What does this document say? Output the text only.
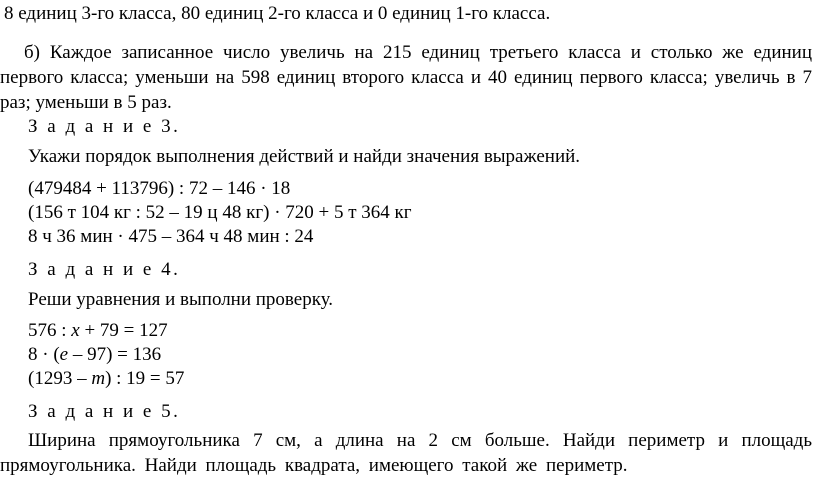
8 единиц 3-го класса, 80 единиц 2-го класса и 0 единиц 1-го класса.
б) Каждое записанное число увеличь на 215 единиц третьего класса и столько же единиц первого класса; уменьши на 598 единиц второго класса и 40 единиц первого класса; увеличь в 7 раз; уменьши в 5 раз.
З а д а н и е 3.
Укажи порядок выполнения действий и найди значения выражений.
(479484 + 113796) : 72 – 146 · 18
(156 т 104 кг : 52 – 19 ц 48 кг) · 720 + 5 т 364 кг
8 ч 36 мин · 475 – 364 ч 48 мин : 24
З а д а н и е 4.
Реши уравнения и выполни проверку.
576 : x + 79 = 127
8 · (e – 97) = 136
(1293 – m) : 19 = 57
З а д а н и е 5.
Ширина прямоугольника 7 см, а длина на 2 см больше. Найди периметр и площадь прямоугольника. Найди площадь квадрата, имеющего такой же периметр.
